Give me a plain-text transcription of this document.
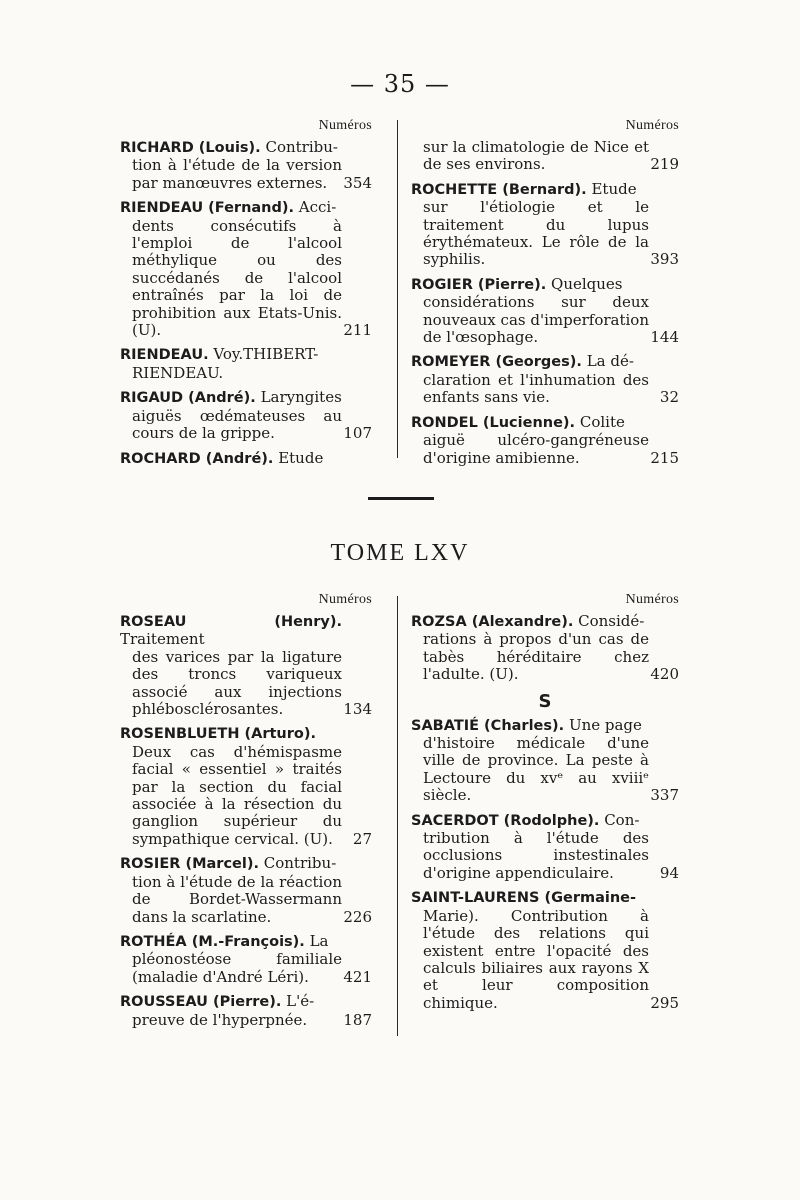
— 35 —
Numéros
RICHARD (Louis). Contribu-
tion à l'étude de la version par manœuvres externes.	354
RIENDEAU (Fernand). Acci-
dents consécutifs à l'emploi de l'alcool méthylique ou des succédanés de l'alcool entraînés par la loi de prohibition aux Etats-Unis. (U).	211
RIENDEAU. Voy.THIBERT-
RIENDEAU.
RIGAUD (André). Laryngites
aiguës œdémateuses au cours de la grippe.	107
ROCHARD (André). Etude
Numéros
sur la climatologie de Nice et de ses environs.	219
ROCHETTE (Bernard). Etude
sur l'étiologie et le traitement du lupus érythémateux. Le rôle de la syphilis.	393
ROGIER (Pierre). Quelques
considérations sur deux nouveaux cas d'imperforation de l'œsophage.	144
ROMEYER (Georges). La dé-
claration et l'inhumation des enfants sans vie.	32
RONDEL (Lucienne). Colite
aiguë ulcéro-gangréneuse d'origine amibienne.	215
TOME LXV
Numéros
ROSEAU (Henry). Traitement
des varices par la ligature des troncs variqueux associé aux injections phlébosclérosantes.	134
ROSENBLUETH (Arturo).
Deux cas d'hémispasme facial « essentiel » traités par la section du facial associée à la résection du ganglion supérieur du sympathique cervical. (U).	27
ROSIER (Marcel). Contribu-
tion à l'étude de la réaction de Bordet-Wassermann dans la scarlatine.	226
ROTHÉA (M.-François). La
pléonostéose familiale (maladie d'André Léri).	421
ROUSSEAU (Pierre). L'é-
preuve de l'hyperpnée.	187
Numéros
ROZSA (Alexandre). Considé-
rations à propos d'un cas de tabès héréditaire chez l'adulte. (U).	420
S
SABATIÉ (Charles). Une page
d'histoire médicale d'une ville de province. La peste à Lectoure du xvᵉ au xviiiᵉ siècle.	337
SACERDOT (Rodolphe). Con-
tribution à l'étude des occlusions instestinales d'origine appendiculaire.	94
SAINT-LAURENS (Germaine-
Marie). Contribution à l'étude des relations qui existent entre l'opacité des calculs biliaires aux rayons X et leur composition chimique.	295
